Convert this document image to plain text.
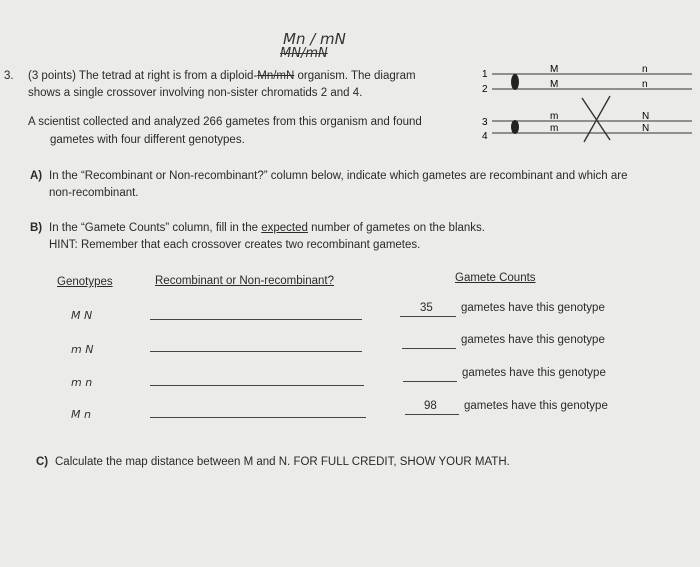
Mn / mN
MN/mN
3. (3 points) The tetrad at right is from a diploid-Mn/mN organism. The diagram
shows a single crossover involving non-sister chromatids 2 and 4.
A scientist collected and analyzed 266 gametes from this organism and found
gametes with four different genotypes.
1
2
3
4
M
M
m
m
n
n
N
N
A) In the “Recombinant or Non-recombinant?” column below, indicate which gametes are recombinant and which are
non-recombinant.
B) In the “Gamete Counts” column, fill in the expected number of gametes on the blanks.
HINT: Remember that each crossover creates two recombinant gametes.
Genotypes	Recombinant or Non-recombinant?	Gamete Counts
M N
35 gametes have this genotype
m N
gametes have this genotype
m n
gametes have this genotype
M n
98 gametes have this genotype
C) Calculate the map distance between M and N. FOR FULL CREDIT, SHOW YOUR MATH.
